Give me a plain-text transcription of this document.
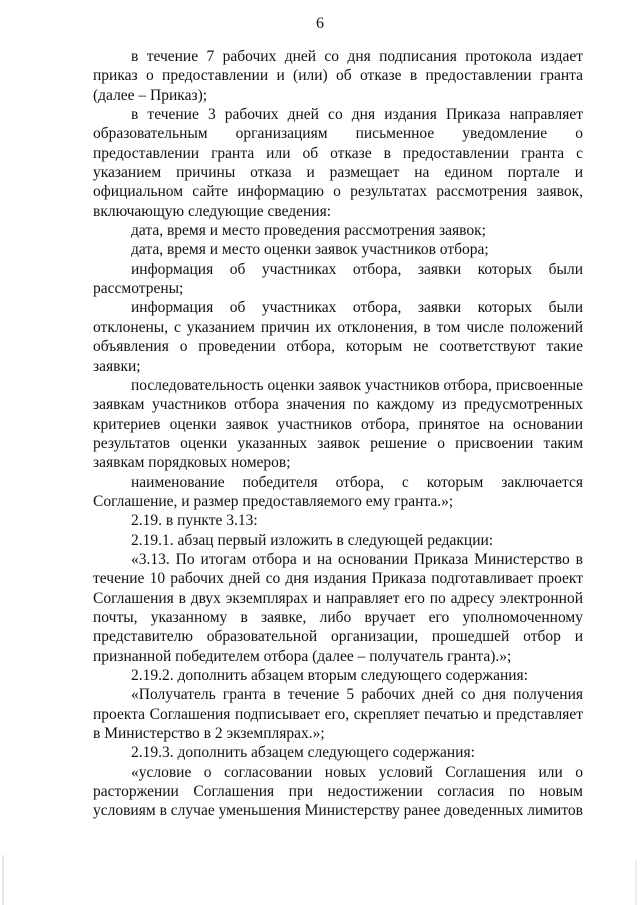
6

в течение 7 рабочих дней со дня подписания протокола издает приказ о предоставлении и (или) об отказе в предоставлении гранта (далее – Приказ);

в течение 3 рабочих дней со дня издания Приказа направляет образовательным организациям письменное уведомление о предоставлении гранта или об отказе в предоставлении гранта с указанием причины отказа и размещает на едином портале и официальном сайте информацию о результатах рассмотрения заявок, включающую следующие сведения:

дата, время и место проведения рассмотрения заявок;

дата, время и место оценки заявок участников отбора;

информация об участниках отбора, заявки которых были рассмотрены;

информация об участниках отбора, заявки которых были отклонены, с указанием причин их отклонения, в том числе положений объявления о проведении отбора, которым не соответствуют такие заявки;

последовательность оценки заявок участников отбора, присвоенные заявкам участников отбора значения по каждому из предусмотренных критериев оценки заявок участников отбора, принятое на основании результатов оценки указанных заявок решение о присвоении таким заявкам порядковых номеров;

наименование победителя отбора, с которым заключается Соглашение, и размер предоставляемого ему гранта.»;

2.19. в пункте 3.13:

2.19.1. абзац первый изложить в следующей редакции:

«3.13. По итогам отбора и на основании Приказа Министерство в течение 10 рабочих дней со дня издания Приказа подготавливает проект Соглашения в двух экземплярах и направляет его по адресу электронной почты, указанному в заявке, либо вручает его уполномоченному представителю образовательной организации, прошедшей отбор и признанной победителем отбора (далее – получатель гранта).»;

2.19.2. дополнить абзацем вторым следующего содержания:

«Получатель гранта в течение 5 рабочих дней со дня получения проекта Соглашения подписывает его, скрепляет печатью и представляет в Министерство в 2 экземплярах.»;

2.19.3. дополнить абзацем следующего содержания:

«условие о согласовании новых условий Соглашения или о расторжении Соглашения при недостижении согласия по новым условиям в случае уменьшения Министерству ранее доведенных лимитов
